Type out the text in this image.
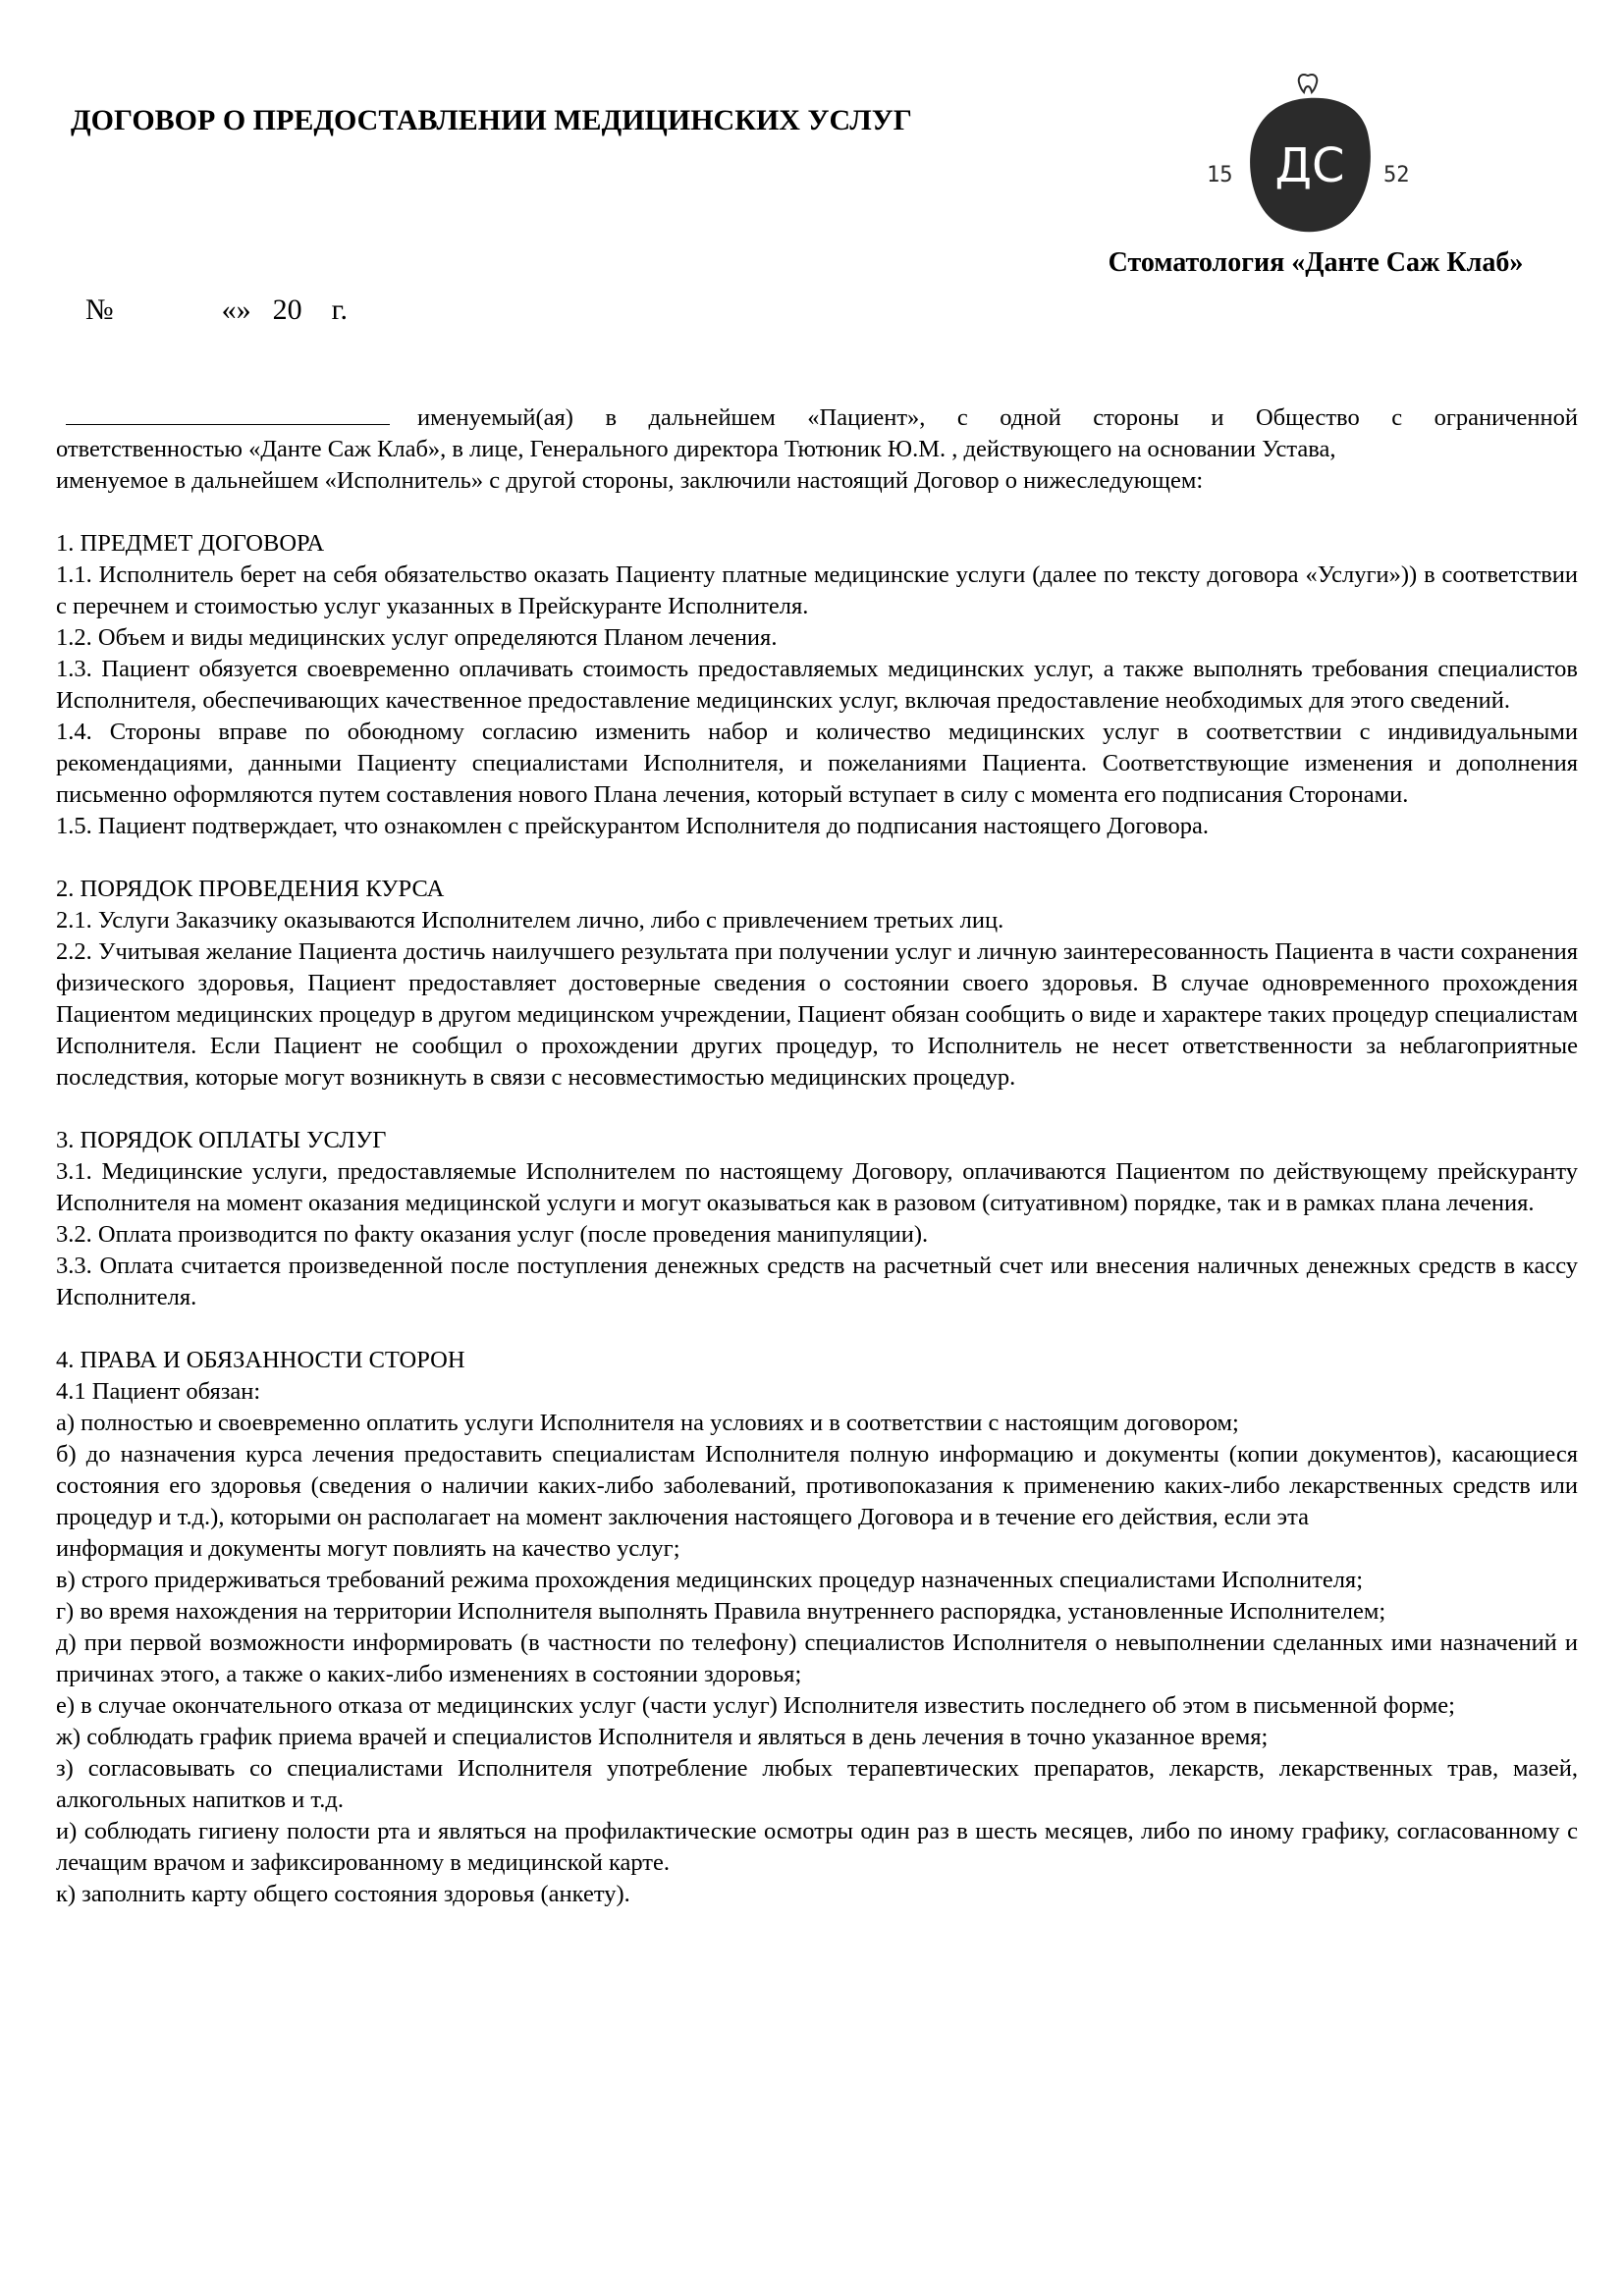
ДОГОВОР О ПРЕДОСТАВЛЕНИИ МЕДИЦИНСКИХ УСЛУГ

№	«» 20 г.

15 ДС 52
Стоматология «Данте Саж Клаб»

именуемый(ая) в дальнейшем «Пациент», с одной стороны и Общество с ограниченной

ответственностью «Данте Саж Клаб», в лице, Генерального директора Тютюник Ю.М. , действующего на основании Устава,

именуемое в дальнейшем «Исполнитель» с другой стороны, заключили настоящий Договор о нижеследующем:

1. ПРЕДМЕТ ДОГОВОРА

1.1. Исполнитель берет на себя обязательство оказать Пациенту платные медицинские услуги (далее по тексту договора «Услуги»)) в соответствии с перечнем и стоимостью услуг указанных в Прейскуранте Исполнителя.

1.2. Объем и виды медицинских услуг определяются Планом лечения.

1.3. Пациент обязуется своевременно оплачивать стоимость предоставляемых медицинских услуг, а также выполнять требования специалистов Исполнителя, обеспечивающих качественное предоставление медицинских услуг, включая предоставление необходимых для этого сведений.

1.4. Стороны вправе по обоюдному согласию изменить набор и количество медицинских услуг в соответствии с индивидуальными рекомендациями, данными Пациенту специалистами Исполнителя, и пожеланиями Пациента. Соответствующие изменения и дополнения письменно оформляются путем составления нового Плана лечения, который вступает в силу с момента его подписания Сторонами.

1.5. Пациент подтверждает, что ознакомлен с прейскурантом Исполнителя до подписания настоящего Договора.

2. ПОРЯДОК ПРОВЕДЕНИЯ КУРСА

2.1. Услуги Заказчику оказываются Исполнителем лично, либо с привлечением третьих лиц.

2.2. Учитывая желание Пациента достичь наилучшего результата при получении услуг и личную заинтересованность Пациента в части сохранения физического здоровья, Пациент предоставляет достоверные сведения о состоянии своего здоровья. В случае одновременного прохождения Пациентом медицинских процедур в другом медицинском учреждении, Пациент обязан сообщить о виде и характере таких процедур специалистам Исполнителя. Если Пациент не сообщил о прохождении других процедур, то Исполнитель не несет ответственности за неблагоприятные последствия, которые могут возникнуть в связи с несовместимостью медицинских процедур.

3. ПОРЯДОК ОПЛАТЫ УСЛУГ

3.1. Медицинские услуги, предоставляемые Исполнителем по настоящему Договору, оплачиваются Пациентом по действующему прейскуранту Исполнителя на момент оказания медицинской услуги и могут оказываться как в разовом (ситуативном) порядке, так и в рамках плана лечения.

3.2. Оплата производится по факту оказания услуг (после проведения манипуляции).

3.3. Оплата считается произведенной после поступления денежных средств на расчетный счет или внесения наличных денежных средств в кассу Исполнителя.

4. ПРАВА И ОБЯЗАННОСТИ СТОРОН

4.1 Пациент обязан:

а) полностью и своевременно оплатить услуги Исполнителя на условиях и в соответствии с настоящим договором;

б) до назначения курса лечения предоставить специалистам Исполнителя полную информацию и документы (копии документов), касающиеся состояния его здоровья (сведения о наличии каких-либо заболеваний, противопоказания к применению каких-либо лекарственных средств или процедур и т.д.), которыми он располагает на момент заключения настоящего Договора и в течение его действия, если эта

информация и документы могут повлиять на качество услуг;

в) строго придерживаться требований режима прохождения медицинских процедур назначенных специалистами Исполнителя;

г) во время нахождения на территории Исполнителя выполнять Правила внутреннего распорядка, установленные Исполнителем;

д) при первой возможности информировать (в частности по телефону) специалистов Исполнителя о невыполнении сделанных ими назначений и причинах этого, а также о каких-либо изменениях в состоянии здоровья;

е) в случае окончательного отказа от медицинских услуг (части услуг) Исполнителя известить последнего об этом в письменной форме;

ж) соблюдать график приема врачей и специалистов Исполнителя и являться в день лечения в точно указанное время;

з) согласовывать со специалистами Исполнителя употребление любых терапевтических препаратов, лекарств, лекарственных трав, мазей, алкогольных напитков и т.д.

и) соблюдать гигиену полости рта и являться на профилактические осмотры один раз в шесть месяцев, либо по иному графику, согласованному с лечащим врачом и зафиксированному в медицинской карте.

к) заполнить карту общего состояния здоровья (анкету).
